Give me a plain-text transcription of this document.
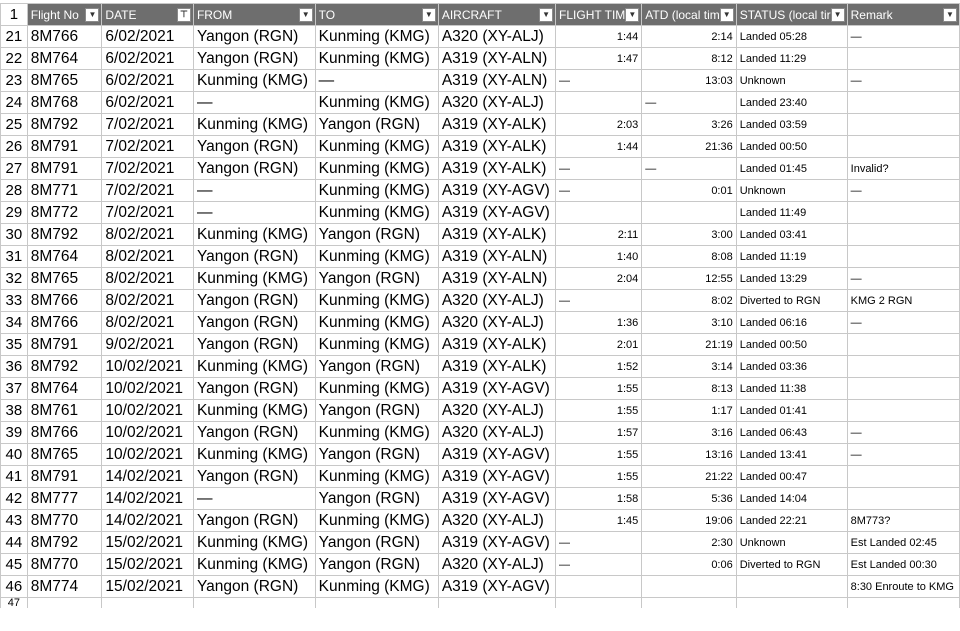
1	Flight No ▼	DATE ⊤	FROM ▼	TO ▼	AIRCRAFT ▼	FLIGHT TIM ▼	ATD (local tim ▼	STATUS (local tir ▼	Remark ▼

21	8M766	6/02/2021	Yangon (RGN)	Kunming (KMG)	A320 (XY-ALJ)	1:44	2:14	Landed 05:28	—
22	8M764	6/02/2021	Yangon (RGN)	Kunming (KMG)	A319 (XY-ALN)	1:47	8:12	Landed 11:29	
23	8M765	6/02/2021	Kunming (KMG)	—	A319 (XY-ALN)	—	13:03	Unknown	—
24	8M768	6/02/2021	—	Kunming (KMG)	A320 (XY-ALJ)		—	Landed 23:40	
25	8M792	7/02/2021	Kunming (KMG)	Yangon (RGN)	A319 (XY-ALK)	2:03	3:26	Landed 03:59	
26	8M791	7/02/2021	Yangon (RGN)	Kunming (KMG)	A319 (XY-ALK)	1:44	21:36	Landed 00:50	
27	8M791	7/02/2021	Yangon (RGN)	Kunming (KMG)	A319 (XY-ALK)	—	—	Landed 01:45	Invalid?
28	8M771	7/02/2021	—	Kunming (KMG)	A319 (XY-AGV)	—	0:01	Unknown	—
29	8M772	7/02/2021	—	Kunming (KMG)	A319 (XY-AGV)			Landed 11:49	
30	8M792	8/02/2021	Kunming (KMG)	Yangon (RGN)	A319 (XY-ALK)	2:11	3:00	Landed 03:41	
31	8M764	8/02/2021	Yangon (RGN)	Kunming (KMG)	A319 (XY-ALN)	1:40	8:08	Landed 11:19	
32	8M765	8/02/2021	Kunming (KMG)	Yangon (RGN)	A319 (XY-ALN)	2:04	12:55	Landed 13:29	—
33	8M766	8/02/2021	Yangon (RGN)	Kunming (KMG)	A320 (XY-ALJ)	—	8:02	Diverted to RGN	KMG 2 RGN
34	8M766	8/02/2021	Yangon (RGN)	Kunming (KMG)	A320 (XY-ALJ)	1:36	3:10	Landed 06:16	—
35	8M791	9/02/2021	Yangon (RGN)	Kunming (KMG)	A319 (XY-ALK)	2:01	21:19	Landed 00:50	
36	8M792	10/02/2021	Kunming (KMG)	Yangon (RGN)	A319 (XY-ALK)	1:52	3:14	Landed 03:36	
37	8M764	10/02/2021	Yangon (RGN)	Kunming (KMG)	A319 (XY-AGV)	1:55	8:13	Landed 11:38	
38	8M761	10/02/2021	Kunming (KMG)	Yangon (RGN)	A320 (XY-ALJ)	1:55	1:17	Landed 01:41	
39	8M766	10/02/2021	Yangon (RGN)	Kunming (KMG)	A320 (XY-ALJ)	1:57	3:16	Landed 06:43	—
40	8M765	10/02/2021	Kunming (KMG)	Yangon (RGN)	A319 (XY-AGV)	1:55	13:16	Landed 13:41	—
41	8M791	14/02/2021	Yangon (RGN)	Kunming (KMG)	A319 (XY-AGV)	1:55	21:22	Landed 00:47	
42	8M777	14/02/2021	—	Yangon (RGN)	A319 (XY-AGV)	1:58	5:36	Landed 14:04	
43	8M770	14/02/2021	Yangon (RGN)	Kunming (KMG)	A320 (XY-ALJ)	1:45	19:06	Landed 22:21	8M773?
44	8M792	15/02/2021	Kunming (KMG)	Yangon (RGN)	A319 (XY-AGV)	—	2:30	Unknown	Est Landed 02:45
45	8M770	15/02/2021	Kunming (KMG)	Yangon (RGN)	A320 (XY-ALJ)	—	0:06	Diverted to RGN	Est Landed 00:30
46	8M774	15/02/2021	Yangon (RGN)	Kunming (KMG)	A319 (XY-AGV)				8:30 Enroute to KMG
47									
